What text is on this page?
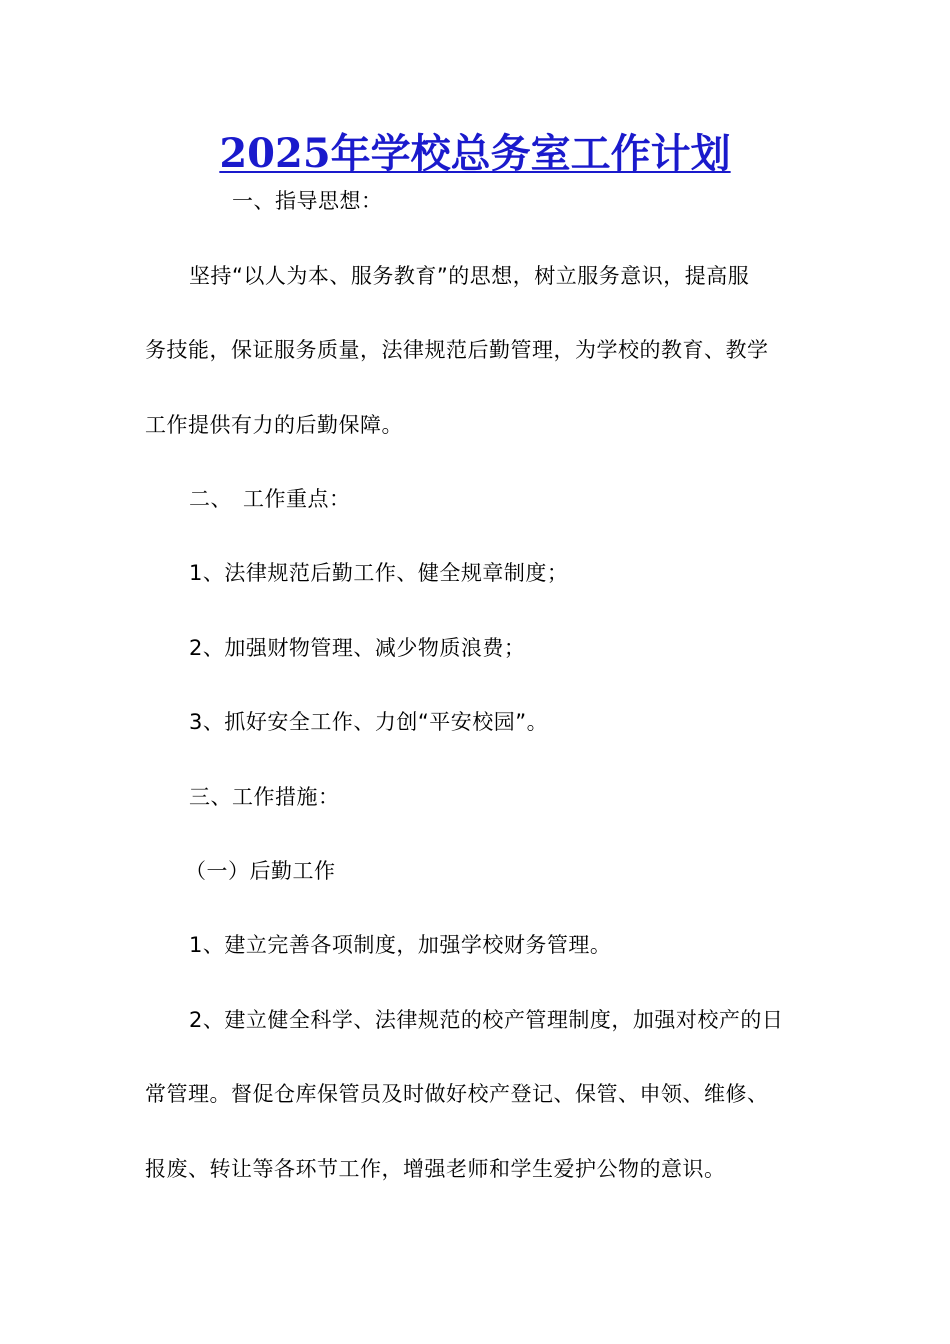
2025年学校总务室工作计划

一、指导思想：

坚持“以人为本、服务教育”的思想，树立服务意识，提高服

务技能，保证服务质量，法律规范后勤管理，为学校的教育、教学

工作提供有力的后勤保障。

二、　工作重点：

1、法律规范后勤工作、健全规章制度；

2、加强财物管理、减少物质浪费；

3、抓好安全工作、力创“平安校园”。

三、工作措施：

（一）后勤工作

1、建立完善各项制度，加强学校财务管理。

2、建立健全科学、法律规范的校产管理制度，加强对校产的日

常管理。督促仓库保管员及时做好校产登记、保管、申领、维修、

报废、转让等各环节工作，增强老师和学生爱护公物的意识。
